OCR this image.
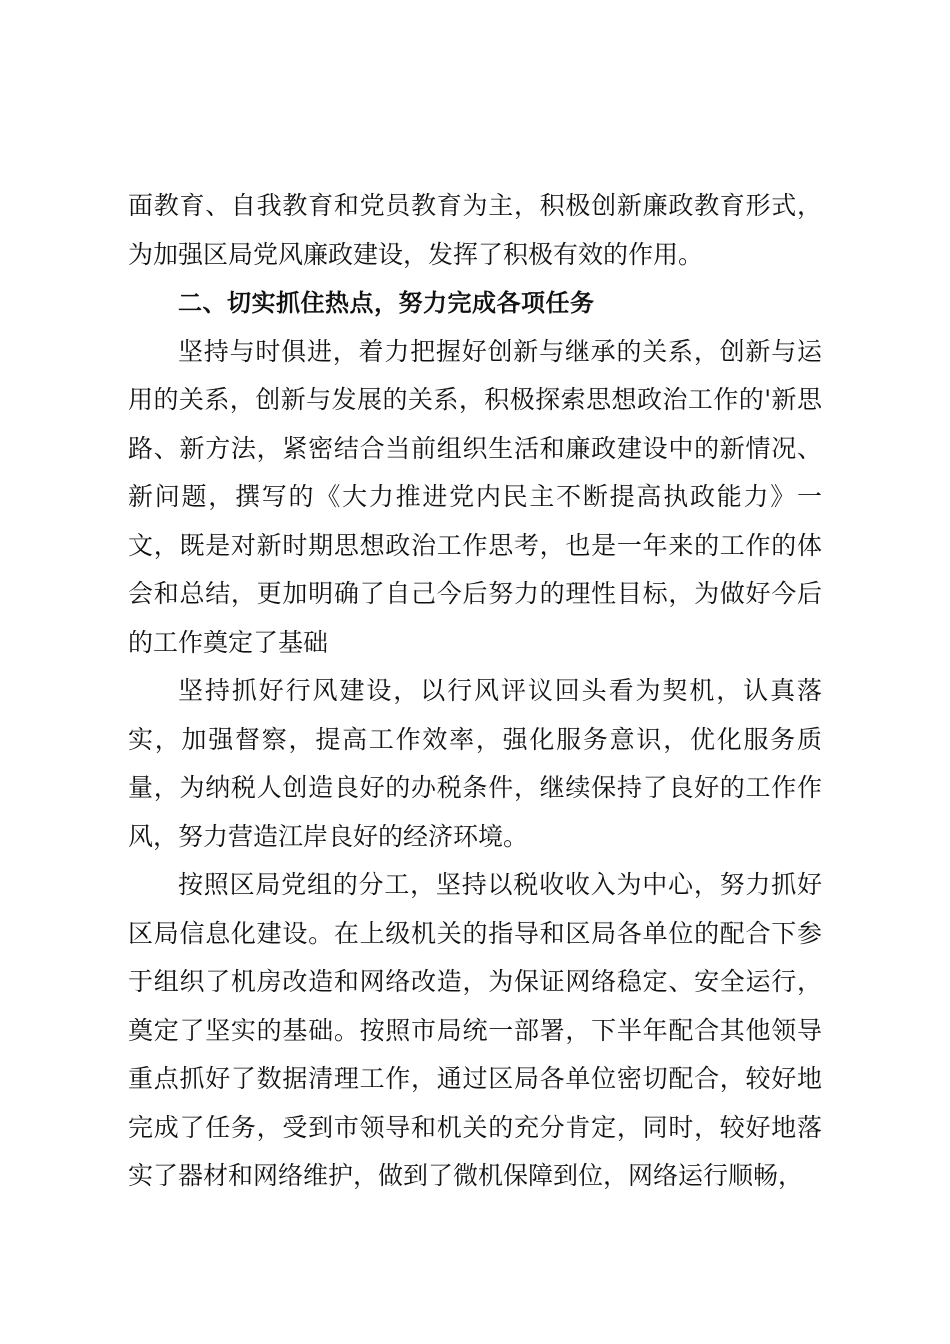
面教育、自我教育和党员教育为主，积极创新廉政教育形式，为加强区局党风廉政建设，发挥了积极有效的作用。

二、切实抓住热点，努力完成各项任务

坚持与时俱进，着力把握好创新与继承的关系，创新与运用的关系，创新与发展的关系，积极探索思想政治工作的'新思路、新方法，紧密结合当前组织生活和廉政建设中的新情况、新问题，撰写的《大力推进党内民主不断提高执政能力》一文，既是对新时期思想政治工作思考，也是一年来的工作的体会和总结，更加明确了自己今后努力的理性目标，为做好今后的工作奠定了基础

坚持抓好行风建设，以行风评议回头看为契机，认真落实，加强督察，提高工作效率，强化服务意识，优化服务质量，为纳税人创造良好的办税条件，继续保持了良好的工作作风，努力营造江岸良好的经济环境。

按照区局党组的分工，坚持以税收收入为中心，努力抓好区局信息化建设。在上级机关的指导和区局各单位的配合下参于组织了机房改造和网络改造，为保证网络稳定、安全运行，奠定了坚实的基础。按照市局统一部署，下半年配合其他领导重点抓好了数据清理工作，通过区局各单位密切配合，较好地完成了任务，受到市领导和机关的充分肯定，同时，较好地落实了器材和网络维护，做到了微机保障到位，网络运行顺畅，
